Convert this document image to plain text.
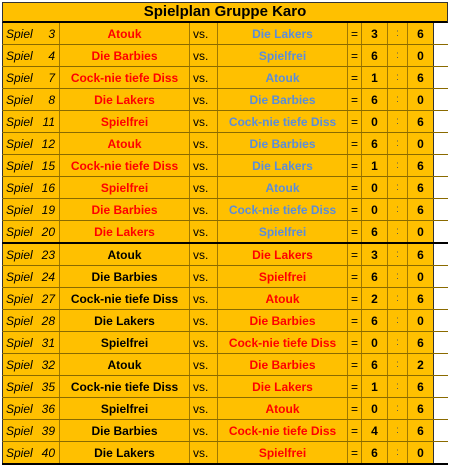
Spielplan Gruppe Karo
Spiel	3	Atouk	vs.	Die Lakers	=	3	:	6
Spiel	4	Die Barbies	vs.	Spielfrei	=	6	:	0
Spiel	7	Cock-nie tiefe Diss	vs.	Atouk	=	1	:	6
Spiel	8	Die Lakers	vs.	Die Barbies	=	6	:	0
Spiel 11	Spielfrei	vs.	Cock-nie tiefe Diss	=	0	:	6
Spiel 12	Atouk	vs.	Die Barbies	=	6	:	0
Spiel 15	Cock-nie tiefe Diss	vs.	Die Lakers	=	1	:	6
Spiel 16	Spielfrei	vs.	Atouk	=	0	:	6
Spiel 19	Die Barbies	vs.	Cock-nie tiefe Diss	=	0	:	6
Spiel 20	Die Lakers	vs.	Spielfrei	=	6	:	0
Spiel 23	Atouk	vs.	Die Lakers	=	3	:	6
Spiel 24	Die Barbies	vs.	Spielfrei	=	6	:	0
Spiel 27	Cock-nie tiefe Diss	vs.	Atouk	=	2	:	6
Spiel 28	Die Lakers	vs.	Die Barbies	=	6	:	0
Spiel 31	Spielfrei	vs.	Cock-nie tiefe Diss	=	0	:	6
Spiel 32	Atouk	vs.	Die Barbies	=	6	:	2
Spiel 35	Cock-nie tiefe Diss	vs.	Die Lakers	=	1	:	6
Spiel 36	Spielfrei	vs.	Atouk	=	0	:	6
Spiel 39	Die Barbies	vs.	Cock-nie tiefe Diss	=	4	:	6
Spiel 40	Die Lakers	vs.	Spielfrei	=	6	:	0
